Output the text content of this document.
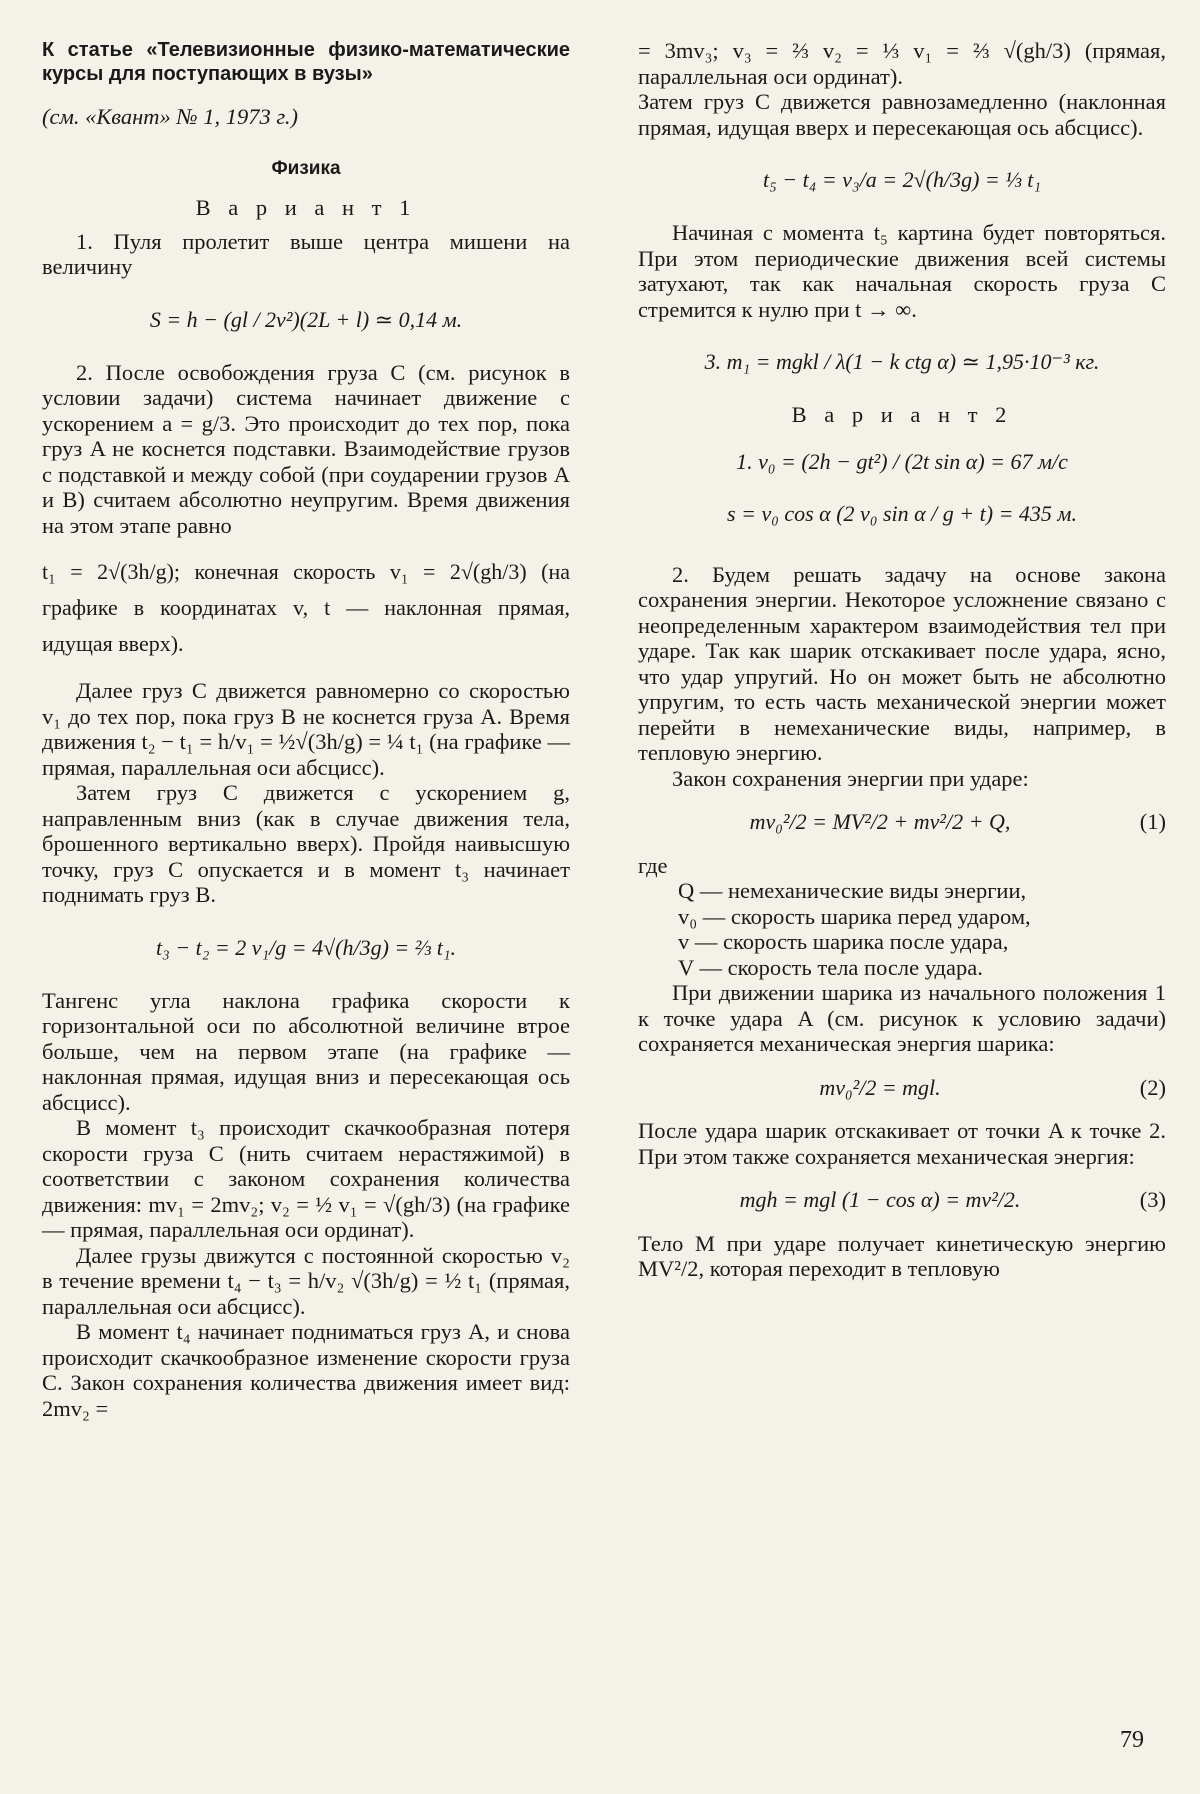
К статье «Телевизионные физико-математические курсы для поступающих в вузы»

(см. «Квант» № 1, 1973 г.)

Физика

В а р и а н т 1

1. Пуля пролетит выше центра мишени на величину

S = h − (gl / 2v²)(2L + l) ≃ 0,14 м.

2. После освобождения груза C (см. рисунок в условии задачи) система начинает движение с ускорением a = g/3. Это происходит до тех пор, пока груз A не коснется подставки. Взаимодействие грузов с подставкой и между собой (при соударении грузов A и B) считаем абсолютно неупругим. Время движения на этом этапе равно

t₁ = 2√(3h/g); конечная скорость v₁ = 2√(gh/3) (на графике в координатах v, t — наклонная прямая, идущая вверх).

Далее груз C движется равномерно со скоростью v₁ до тех пор, пока груз B не коснется груза A. Время движения t₂ − t₁ = h/v₁ = ½√(3h/g) = ¼ t₁ (на графике — прямая, параллельная оси абсцисс).

Затем груз C движется с ускорением g, направленным вниз (как в случае движения тела, брошенного вертикально вверх). Пройдя наивысшую точку, груз C опускается и в момент t₃ начинает поднимать груз B.

t₃ − t₂ = 2 v₁/g = 4√(h/3g) = ⅔ t₁.

Тангенс угла наклона графика скорости к горизонтальной оси по абсолютной величине втрое больше, чем на первом этапе (на графике — наклонная прямая, идущая вниз и пересекающая ось абсцисс).

В момент t₃ происходит скачкообразная потеря скорости груза C (нить считаем нерастяжимой) в соответствии с законом сохранения количества движения: mv₁ = 2mv₂; v₂ = ½ v₁ = √(gh/3) (на графике — прямая, параллельная оси ординат).

Далее грузы движутся с постоянной скоростью v₂ в течение времени t₄ − t₃ = h/v₂ √(3h/g) = ½ t₁ (прямая, параллельная оси абсцисс).

В момент t₄ начинает подниматься груз A, и снова происходит скачкообразное изменение скорости груза C. Закон сохранения количества движения имеет вид: 2mv₂ =

= 3mv₃; v₃ = ⅔ v₂ = ⅓ v₁ = ⅔ √(gh/3) (прямая, параллельная оси ординат).

Затем груз C движется равнозамедленно (наклонная прямая, идущая вверх и пересекающая ось абсцисс).

t₅ − t₄ = v₃/a = 2√(h/3g) = ⅓ t₁

Начиная с момента t₅ картина будет повторяться. При этом периодические движения всей системы затухают, так как начальная скорость груза C стремится к нулю при t → ∞.

3. m₁ = mgkl / λ(1 − k ctg α) ≃ 1,95·10⁻³ кг.

В а р и а н т 2

1. v₀ = (2h − gt²) / (2t sin α) = 67 м/с

s = v₀ cos α (2 v₀ sin α / g + t) = 435 м.

2. Будем решать задачу на основе закона сохранения энергии. Некоторое усложнение связано с неопределенным характером взаимодействия тел при ударе. Так как шарик отскакивает после удара, ясно, что удар упругий. Но он может быть не абсолютно упругим, то есть часть механической энергии может перейти в немеханические виды, например, в тепловую энергию.

Закон сохранения энергии при ударе:

mv₀²/2 = MV²/2 + mv²/2 + Q,	(1)

где

Q — немеханические виды энергии,

v₀ — скорость шарика перед ударом,

v — скорость шарика после удара,

V — скорость тела после удара.

При движении шарика из начального положения 1 к точке удара A (см. рисунок к условию задачи) сохраняется механическая энергия шарика:

mv₀²/2 = mgl.	(2)

После удара шарик отскакивает от точки A к точке 2. При этом также сохраняется механическая энергия:

mgh = mgl (1 − cos α) = mv²/2.	(3)

Тело M при ударе получает кинетическую энергию MV²/2, которая переходит в тепловую

79
